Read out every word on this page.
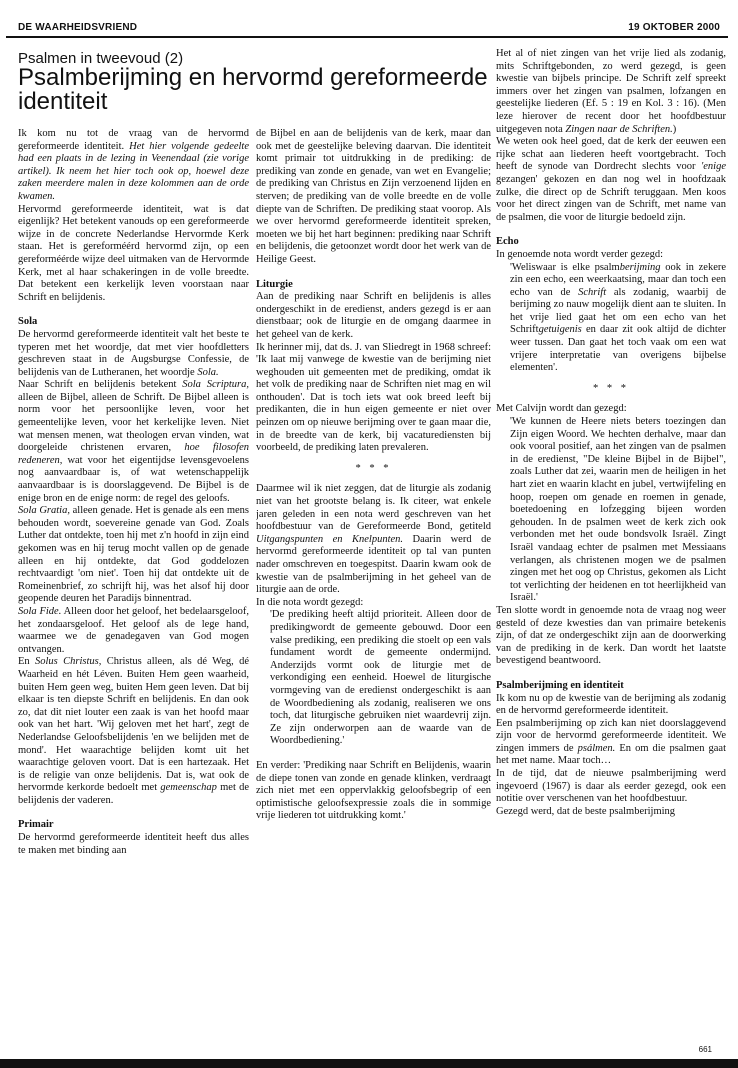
DE WAARHEIDSVRIEND	19 OKTOBER 2000
Psalmen in tweevoud (2)
Psalmberijming en hervormd gereformeerde identiteit

Ik kom nu tot de vraag van de hervormd gereformeerde identiteit. Het hier volgende gedeelte had een plaats in de lezing in Veenendaal (zie vorige artikel). Ik neem het hier toch ook op, hoewel deze zaken meerdere malen in deze kolommen aan de orde kwamen.

Hervormd gereformeerde identiteit, wat is dat eigenlijk? Het betekent vanouds op een gereformeerde wijze in de concrete Nederlandse Hervormde Kerk staan. Het is gereforméérd hervormd zijn, op een gereforméérde wijze deel uitmaken van de Hervormde Kerk, met al haar schakeringen in de volle breedte. Dat betekent een kerkelijk leven voorstaan naar Schrift en belijdenis.

Sola

De hervormd gereformeerde identiteit valt het beste te typeren met het woordje, dat met vier hoofdletters geschreven staat in de Augsburgse Confessie, de belijdenis van de Lutheranen, het woordje Sola.

Naar Schrift en belijdenis betekent Sola Scriptura, alleen de Bijbel, alleen de Schrift. De Bijbel alleen is norm voor het persoonlijke leven, voor het gemeentelijke leven, voor het kerkelijke leven. Niet wat mensen menen, wat theologen ervan vinden, wat doorgeleide christenen ervaren, hoe filosofen redeneren, wat voor het eigentijdse levensgevoelens nog aanvaardbaar is, of wat wetenschappelijk aanvaardbaar is is doorslaggevend. De Bijbel is de enige bron en de enige norm: de regel des geloofs.

Sola Gratia, alleen genade. Het is genade als een mens behouden wordt, soevereine genade van God. Zoals Luther dat ontdekte, toen hij met z'n hoofd in zijn eind gekomen was en hij terug mocht vallen op de genade alleen en hij ontdekte, dat God goddelozen rechtvaardigt 'om niet'. Toen hij dat ontdekte uit de Romeinenbrief, zo schrijft hij, was het alsof hij door geopende deuren het Paradijs binnentrad.

Sola Fide. Alleen door het geloof, het bedelaarsgeloof, het zondaarsgeloof. Het geloof als de lege hand, waarmee we de genadegaven van God mogen ontvangen.

En Solus Christus, Christus alleen, als dé Weg, dé Waarheid en hét Léven. Buiten Hem geen waarheid, buiten Hem geen weg, buiten Hem geen leven. Dat bij elkaar is ten diepste Schrift en belijdenis. En dan ook zo, dat dit niet louter een zaak is van het hoofd maar ook van het hart. 'Wij geloven met het hart', zegt de Nederlandse Geloofsbelijdenis 'en we belijden met de mond'. Het waarachtige belijden komt uit het waarachtige geloven voort. Dat is een hartezaak. Het is de religie van onze belijdenis. Dat is, wat ook de hervormde kerkorde bedoelt met gemeenschap met de belijdenis der vaderen.

Primair

De hervormd gereformeerde identiteit heeft dus alles te maken met binding aan

de Bijbel en aan de belijdenis van de kerk, maar dan ook met de geestelijke beleving daarvan. Die identiteit komt primair tot uitdrukking in de prediking: de prediking van zonde en genade, van wet en Evangelie; de prediking van Christus en Zijn verzoenend lijden en sterven; de prediking van de volle breedte en de volle diepte van de Schriften. De prediking staat voorop. Als we over hervormd gereformeerde identiteit spreken, moeten we bij het hart beginnen: prediking naar Schrift en belijdenis, die getoonzet wordt door het werk van de Heilige Geest.

Liturgie

Aan de prediking naar Schrift en belijdenis is alles ondergeschikt in de eredienst, anders gezegd is er aan dienstbaar; ook de liturgie en de omgang daarmee in het geheel van de kerk.

Ik herinner mij, dat ds. J. van Sliedregt in 1968 schreef: 'Ik laat mij vanwege de kwestie van de berijming niet weghouden uit gemeenten met de prediking, omdat ik het volk de prediking naar de Schriften niet mag en wil onthouden'. Dat is toch iets wat ook breed leeft bij predikanten, die in hun eigen gemeente er niet over peinzen om op nieuwe berijming over te gaan maar die, in de breedte van de kerk, bij vacaturediensten bij voorbeeld, de prediking laten prevaleren.

* * *

Daarmee wil ik niet zeggen, dat de liturgie als zodanig niet van het grootste belang is. Ik citeer, wat enkele jaren geleden in een nota werd geschreven van het hoofdbestuur van de Gereformeerde Bond, getiteld Uitgangspunten en Knelpunten. Daarin werd de hervormd gereformeerde identiteit op tal van punten nader omschreven en toegespitst. Daarin kwam ook de kwestie van de psalmberijming in het geheel van de liturgie aan de orde.

In die nota wordt gezegd:

'De prediking heeft altijd prioriteit. Alleen door de predikingwordt de gemeente gebouwd. Door een valse prediking, een prediking die stoelt op een vals fundament wordt de gemeente ondermijnd. Anderzijds vormt ook de liturgie met de verkondiging een eenheid. Hoewel de liturgische vormgeving van de eredienst ondergeschikt is aan de Woordbediening als zodanig, realiseren we ons toch, dat liturgische gebruiken niet waardevrij zijn. Ze zijn onderworpen aan de waarde van de Woordbediening.'

En verder: 'Prediking naar Schrift en Belijdenis, waarin de diepe tonen van zonde en genade klinken, verdraagt zich niet met een oppervlakkig geloofsbegrip of een optimistische geloofsexpressie zoals die in sommige vrije liederen tot uitdrukking komt.'

Het al of niet zingen van het vrije lied als zodanig, mits Schriftgebonden, zo werd gezegd, is geen kwestie van bijbels principe. De Schrift zelf spreekt immers over het zingen van psalmen, lofzangen en geestelijke liederen (Ef. 5 : 19 en Kol. 3 : 16). (Men leze hierover de recent door het hoofdbestuur uitgegeven nota Zingen naar de Schriften.)

We weten ook heel goed, dat de kerk der eeuwen een rijke schat aan liederen heeft voortgebracht. Toch heeft de synode van Dordrecht slechts voor 'enige gezangen' gekozen en dan nog wel in hoofdzaak zulke, die direct op de Schrift teruggaan. Men koos voor het direct zingen van de Schrift, met name van de psalmen, die voor de liturgie bedoeld zijn.

Echo

In genoemde nota wordt verder gezegd:

'Weliswaar is elke psalmberijming ook in zekere zin een echo, een weerkaatsing, maar dan toch een echo van de Schrift als zodanig, waarbij de berijming zo nauw mogelijk dient aan te sluiten. In het vrije lied gaat het om een echo van het Schriftgetuigenis en daar zit ook altijd de dichter weer tussen. Dan gaat het toch vaak om een wat vrijere interpretatie van overigens bijbelse elementen'.

* * *

Met Calvijn wordt dan gezegd:

'We kunnen de Heere niets beters toezingen dan Zijn eigen Woord. We hechten derhalve, maar dan ook vooral positief, aan het zingen van de psalmen in de eredienst, "De kleine Bijbel in de Bijbel", zoals Luther dat zei, waarin men de heiligen in het hart ziet en waarin klacht en jubel, vertwijfeling en hoop, roepen om genade en roemen in genade, boetedoening en lofzegging bijeen worden gehouden. In de psalmen weet de kerk zich ook verbonden met het oude bondsvolk Israël. Zingt Israël vandaag echter de psalmen met Messiaans verlangen, als christenen mogen we de psalmen zingen met het oog op Christus, gekomen als Licht tot verlichting der heidenen en tot heerlijkheid van Israël.'

Ten slotte wordt in genoemde nota de vraag nog weer gesteld of deze kwesties dan van primaire betekenis zijn, of dat ze ondergeschikt zijn aan de doorwerking van de prediking in de kerk. Dan wordt het laatste bevestigend beantwoord.

Psalmberijming en identiteit

Ik kom nu op de kwestie van de berijming als zodanig en de hervormd gereformeerde identiteit.

Een psalmberijming op zich kan niet doorslaggevend zijn voor de hervormd gereformeerde identiteit. We zingen immers de psálmen. En om die psalmen gaat het met name. Maar toch…

In de tijd, dat de nieuwe psalmberijming werd ingevoerd (1967) is daar als eerder gezegd, ook een notitie over verschenen van het hoofdbestuur.

Gezegd werd, dat de beste psalmberijming

661
